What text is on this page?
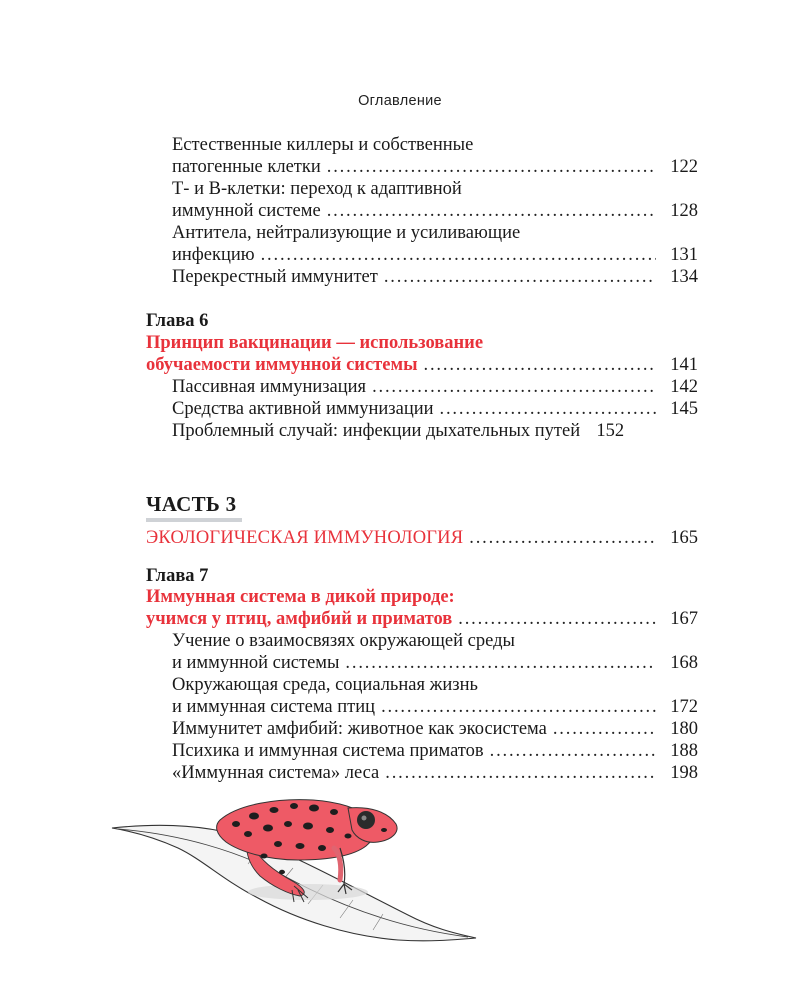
Оглавление
Естественные киллеры и собственные
патогенные клетки . . .	122
Т- и В-клетки: переход к адаптивной
иммунной системе . . .	128
Антитела, нейтрализующие и усиливающие
инфекцию . . .	131
Перекрестный иммунитет . . .	134
Глава 6
Принцип вакцинации — использование
обучаемости иммунной системы . . .	141
Пассивная иммунизация . . .	142
Средства активной иммунизации . . .	145
Проблемный случай: инфекции дыхательных путей 152
ЧАСТЬ 3
ЭКОЛОГИЧЕСКАЯ ИММУНОЛОГИЯ . . .	165
Глава 7
Иммунная система в дикой природе:
учимся у птиц, амфибий и приматов . . .	167
Учение о взаимосвязях окружающей среды
и иммунной системы . . .	168
Окружающая среда, социальная жизнь
и иммунная система птиц . . .	172
Иммунитет амфибий: животное как экосистема . . .	180
Психика и иммунная система приматов . . .	188
«Иммунная система» леса . . .	198
